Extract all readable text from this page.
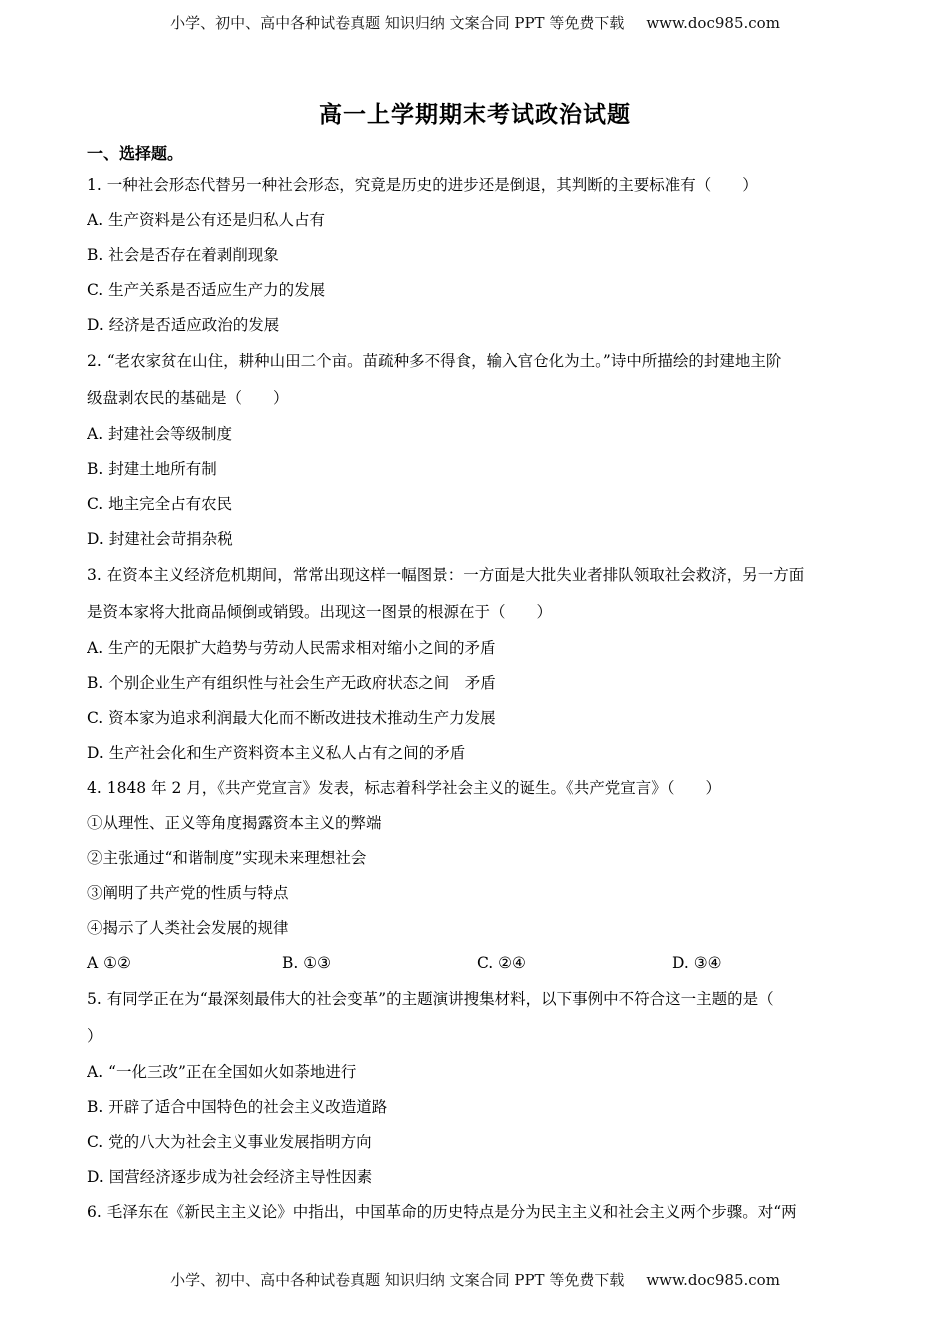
小学、初中、高中各种试卷真题 知识归纳 文案合同 PPT 等免费下载 www.doc985.com
高一上学期期末考试政治试题
一、选择题。
1. 一种社会形态代替另一种社会形态，究竟是历史的进步还是倒退，其判断的主要标准有（　　）
A. 生产资料是公有还是归私人占有
B. 社会是否存在着剥削现象
C. 生产关系是否适应生产力的发展
D. 经济是否适应政治的发展
2. “老农家贫在山住，耕种山田二个亩。苗疏种多不得食，输入官仓化为土。”诗中所描绘的封建地主阶
级盘剥农民的基础是（　　）
A. 封建社会等级制度
B. 封建土地所有制
C. 地主完全占有农民
D. 封建社会苛捐杂税
3. 在资本主义经济危机期间，常常出现这样一幅图景：一方面是大批失业者排队领取社会救济，另一方面
是资本家将大批商品倾倒或销毁。出现这一图景的根源在于（　　）
A. 生产的无限扩大趋势与劳动人民需求相对缩小之间的矛盾
B. 个别企业生产有组织性与社会生产无政府状态之间　矛盾
C. 资本家为追求利润最大化而不断改进技术推动生产力发展
D. 生产社会化和生产资料资本主义私人占有之间的矛盾
4. 1848 年 2 月，《共产党宣言》发表，标志着科学社会主义的诞生。《共产党宣言》（　　）
①从理性、正义等角度揭露资本主义的弊端
②主张通过“和谐制度”实现未来理想社会
③阐明了共产党的性质与特点
④揭示了人类社会发展的规律
A ①②	B. ①③	C. ②④	D. ③④
5. 有同学正在为“最深刻最伟大的社会变革”的主题演讲搜集材料，以下事例中不符合这一主题的是（
）
A. “一化三改”正在全国如火如荼地进行
B. 开辟了适合中国特色的社会主义改造道路
C. 党的八大为社会主义事业发展指明方向
D. 国营经济逐步成为社会经济主导性因素
6. 毛泽东在《新民主主义论》中指出，中国革命的历史特点是分为民主主义和社会主义两个步骤。对“两
小学、初中、高中各种试卷真题 知识归纳 文案合同 PPT 等免费下载 www.doc985.com
